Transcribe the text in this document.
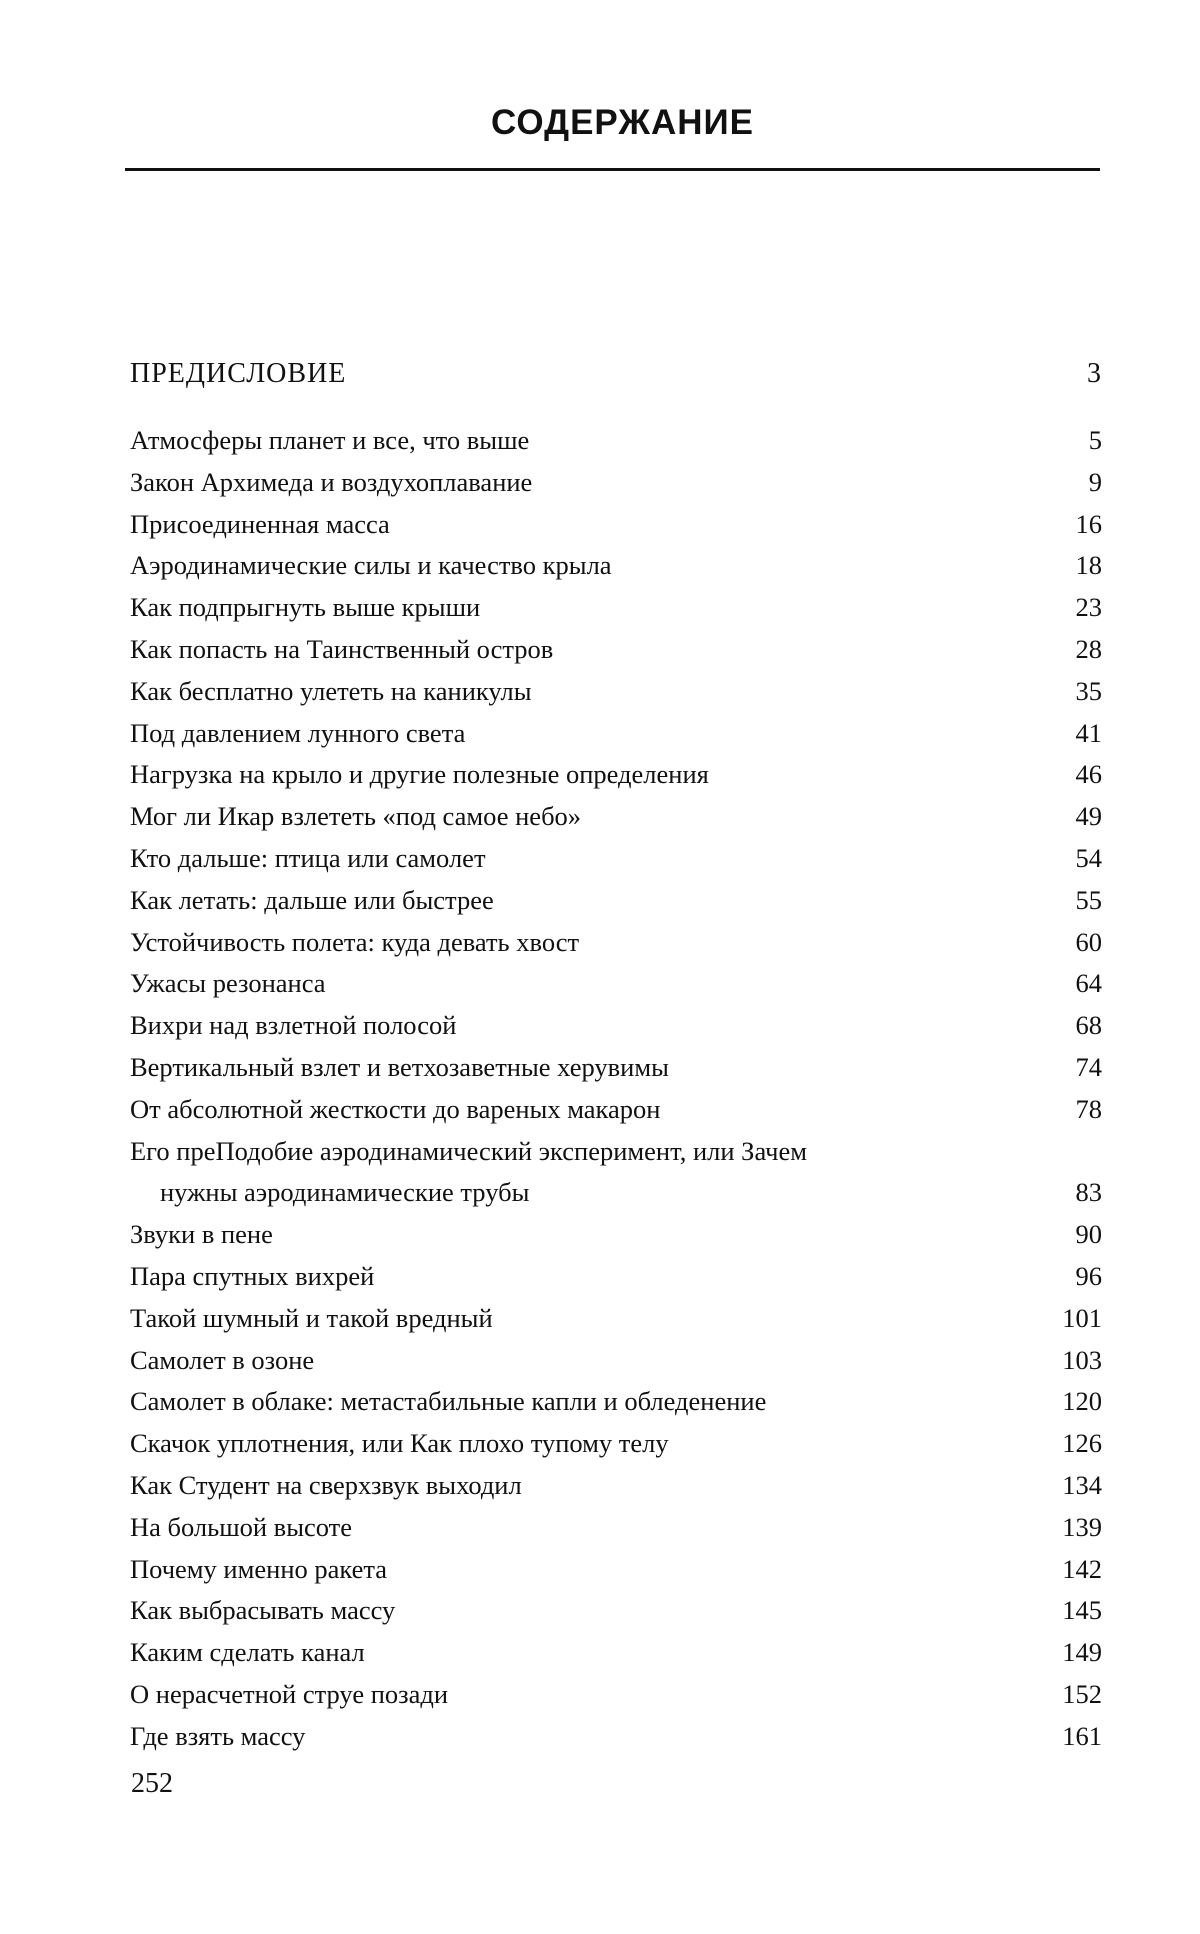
СОДЕРЖАНИЕ
ПРЕДИСЛОВИЕ	3
Атмосферы планет и все, что выше	5
Закон Архимеда и воздухоплавание	9
Присоединенная масса	16
Аэродинамические силы и качество крыла	18
Как подпрыгнуть выше крыши	23
Как попасть на Таинственный остров	28
Как бесплатно улететь на каникулы	35
Под давлением лунного света	41
Нагрузка на крыло и другие полезные определения	46
Мог ли Икар взлететь «под самое небо»	49
Кто дальше: птица или самолет	54
Как летать: дальше или быстрее	55
Устойчивость полета: куда девать хвост	60
Ужасы резонанса	64
Вихри над взлетной полосой	68
Вертикальный взлет и ветхозаветные херувимы	74
От абсолютной жесткости до вареных макарон	78
Его преПодобие аэродинамический эксперимент, или Зачем
нужны аэродинамические трубы	83
Звуки в пене	90
Пара спутных вихрей	96
Такой шумный и такой вредный	101
Самолет в озоне	103
Самолет в облаке: метастабильные капли и обледенение	120
Скачок уплотнения, или Как плохо тупому телу	126
Как Студент на сверхзвук выходил	134
На большой высоте	139
Почему именно ракета	142
Как выбрасывать массу	145
Каким сделать канал	149
О нерасчетной струе позади	152
Где взять массу	161
252
